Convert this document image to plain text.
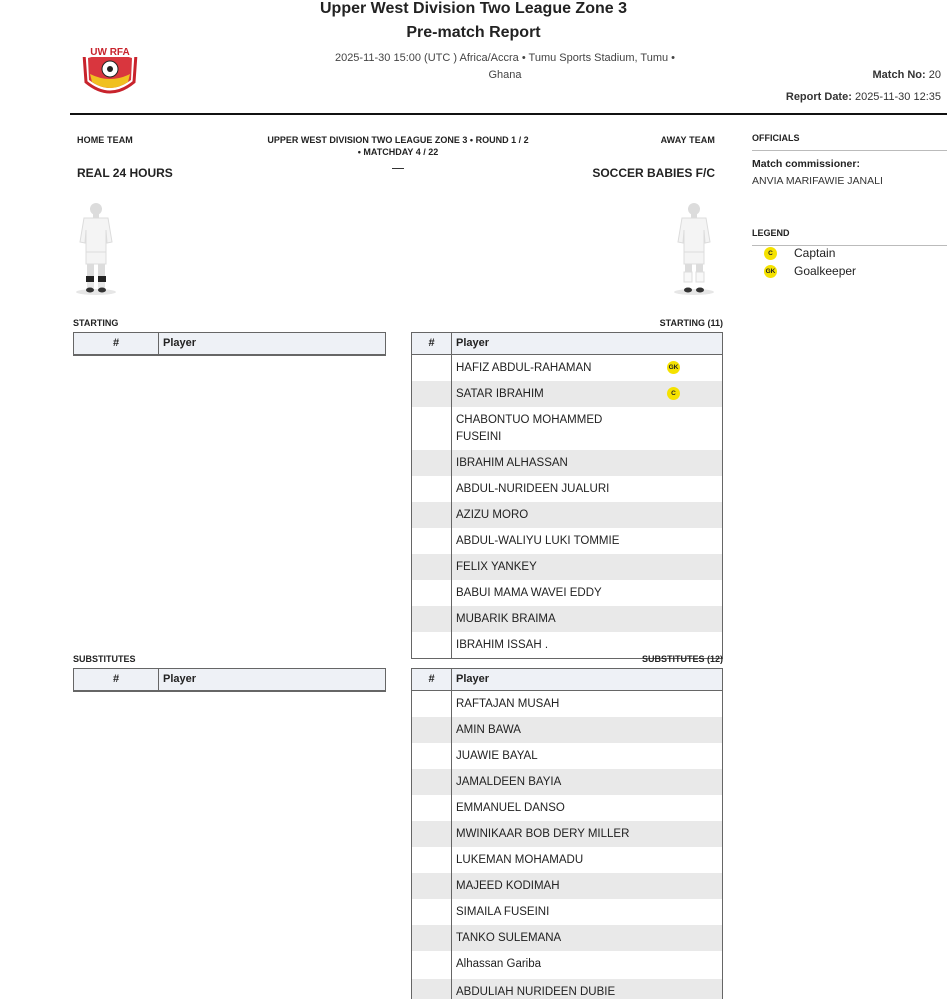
UW RFA
Upper West Division Two League Zone 3
Pre-match Report
2025-11-30 15:00 (UTC ) Africa/Accra • Tumu Sports Stadium, Tumu •
Ghana	Match No: 20
Report Date: 2025-11-30 12:35
HOME TEAM	AWAY TEAM
UPPER WEST DIVISION TWO LEAGUE ZONE 3 • ROUND 1 / 2
• MATCHDAY 4 / 22
REAL 24 HOURS	SOCCER BABIES F/C
OFFICIALS
Match commissioner:
ANVIA MARIFAWIE JANALI
LEGEND
C	Captain
GK Goalkeeper
STARTING	STARTING (11)
#	Player	#	Player
HAFIZ ABDUL-RAHAMAN	GK
SATAR IBRAHIM	C
CHABONTUO MOHAMMED FUSEINI
IBRAHIM ALHASSAN
ABDUL-NURIDEEN JUALURI
AZIZU MORO
ABDUL-WALIYU LUKI TOMMIE
FELIX YANKEY
BABUI MAMA WAVEI EDDY
MUBARIK BRAIMA
IBRAHIM ISSAH .
SUBSTITUTES	SUBSTITUTES (12)
#	Player	#	Player
RAFTAJAN MUSAH
AMIN BAWA
JUAWIE BAYAL
JAMALDEEN BAYIA
EMMANUEL DANSO
MWINIKAAR BOB DERY MILLER
LUKEMAN MOHAMADU
MAJEED KODIMAH
SIMAILA FUSEINI
TANKO SULEMANA
Alhassan Gariba
ABDULIAH NURIDEEN DUBIE
